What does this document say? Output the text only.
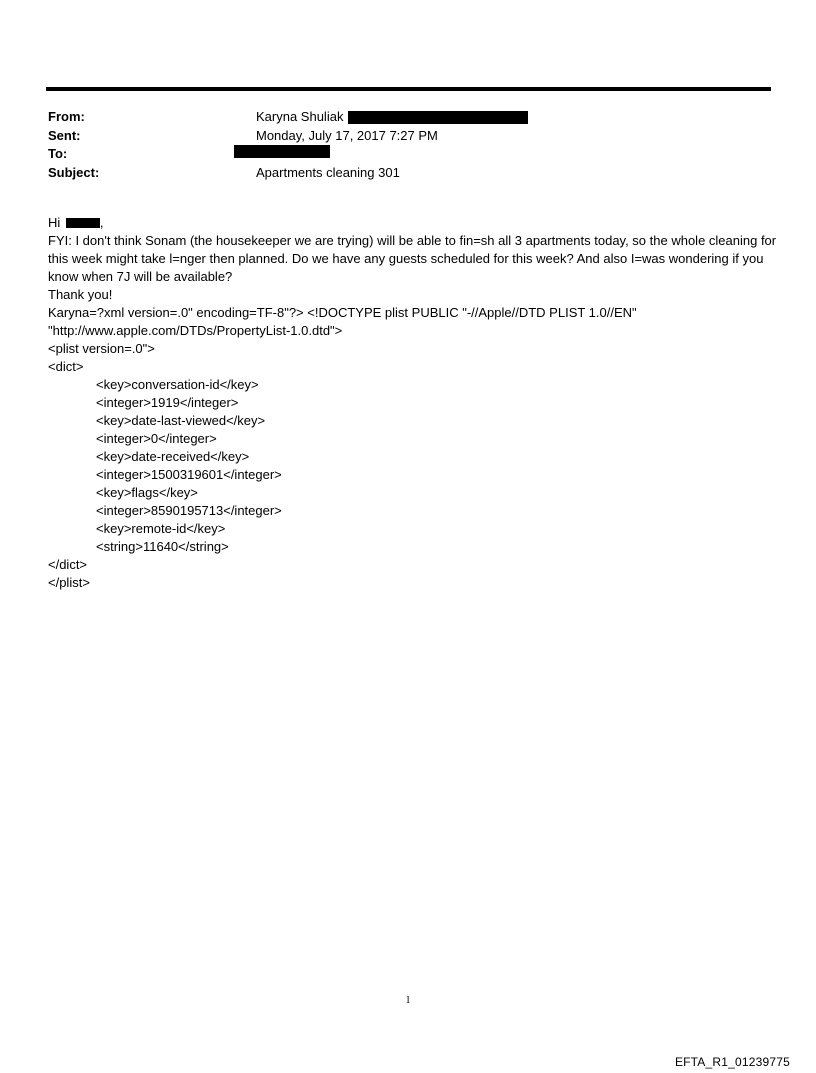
From:	Karyna Shuliak
Sent:	Monday, July 17, 2017 7:27 PM
To:
Subject:	Apartments cleaning 301
Hi	,
FYI: I don't think Sonam (the housekeeper we are trying) will be able to fin=sh all 3 apartments today, so the whole cleaning for this week might take l=nger then planned. Do we have any guests scheduled for this week? And also I=was wondering if you know when 7J will be available?
Thank you!
Karyna=?xml version=.0" encoding=TF-8"?> <!DOCTYPE plist PUBLIC "-//Apple//DTD PLIST 1.0//EN"
"http://www.apple.com/DTDs/PropertyList-1.0.dtd">
<plist version=.0">
<dict>
<key>conversation-id</key>
<integer>1919</integer>
<key>date-last-viewed</key>
<integer>0</integer>
<key>date-received</key>
<integer>1500319601</integer>
<key>flags</key>
<integer>8590195713</integer>
<key>remote-id</key>
<string>11640</string>
</dict>
</plist>
1
EFTA_R1_01239775
